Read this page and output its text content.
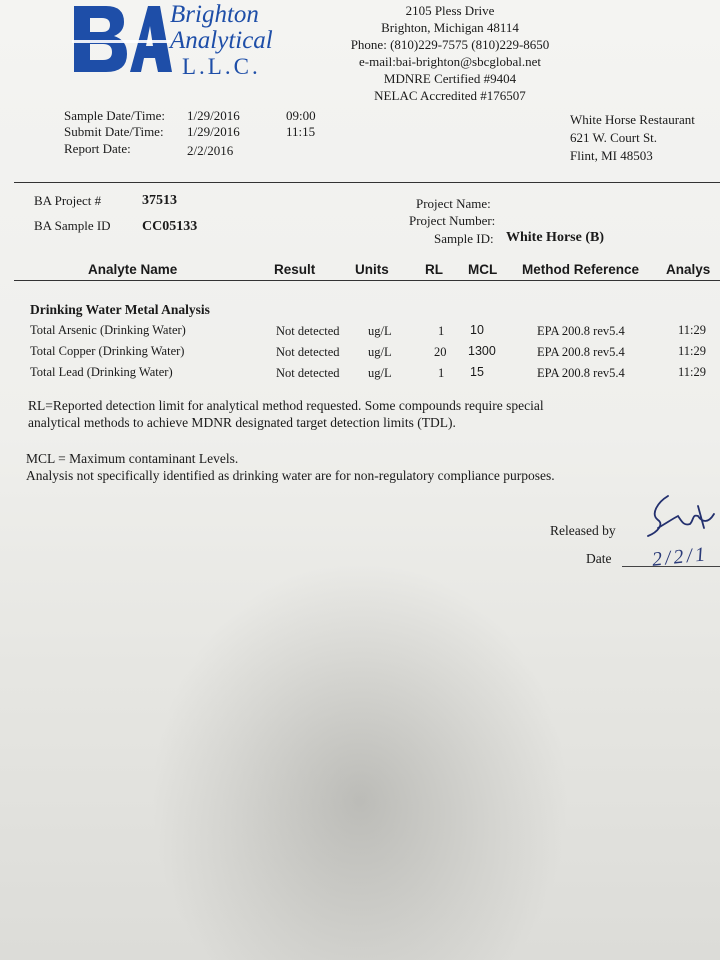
Brighton
Analytical
L.L.C.
2105 Pless Drive
Brighton, Michigan 48114
Phone: (810)229-7575 (810)229-8650
e-mail:bai-brighton@sbcglobal.net
MDNRE Certified #9404
NELAC Accredited #176507
Sample Date/Time: 1/29/2016	09:00
Submit Date/Time: 1/29/2016	11:15
Report Date:	2/2/2016
White Horse Restaurant
621 W. Court St.
Flint, MI 48503
BA Project #	37513
BA Sample ID CC05133
Project Name:
Project Number:
Sample ID: White Horse (B)
Analyte Name	Result	Units	RL MCL Method Reference Analys
Drinking Water Metal Analysis
Total Arsenic (Drinking Water)	Not detected ug/L	1 10	EPA 200.8 rev5.4	11:29
Total Copper (Drinking Water)	Not detected ug/L	20 1300	EPA 200.8 rev5.4	11:29
Total Lead (Drinking Water)	Not detected ug/L	1 15	EPA 200.8 rev5.4	11:29
RL=Reported detection limit for analytical method requested. Some compounds require special
analytical methods to achieve MDNR designated target detection limits (TDL).
MCL = Maximum contaminant Levels.
Analysis not specifically identified as drinking water are for non-regulatory compliance purposes.
Released by
Date 2/2/1
